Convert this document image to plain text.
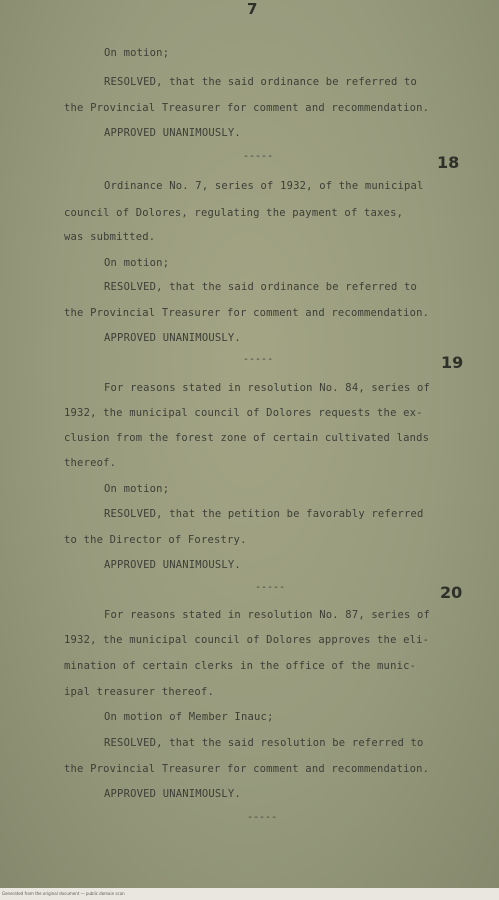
7
On motion;
RESOLVED, that the said ordinance be referred to
the Provincial Treasurer for comment and recommendation.
APPROVED UNANIMOUSLY.
-----	18
Ordinance No. 7, series of 1932, of the municipal
council of Dolores, regulating the payment of taxes,
was submitted.
On motion;
RESOLVED, that the said ordinance be referred to
the Provincial Treasurer for comment and recommendation.
APPROVED UNANIMOUSLY.
-----	19
For reasons stated in resolution No. 84, series of
1932, the municipal council of Dolores requests the ex-
clusion from the forest zone of certain cultivated lands
thereof.
On motion;
RESOLVED, that the petition be favorably referred
to the Director of Forestry.
APPROVED UNANIMOUSLY.
-----	20
For reasons stated in resolution No. 87, series of
1932, the municipal council of Dolores approves the eli-
mination of certain clerks in the office of the munic-
ipal treasurer thereof.
On motion of Member Inauc;
RESOLVED, that the said resolution be referred to
the Provincial Treasurer for comment and recommendation.
APPROVED UNANIMOUSLY.
-----
Generated from the original document — public domain scan
